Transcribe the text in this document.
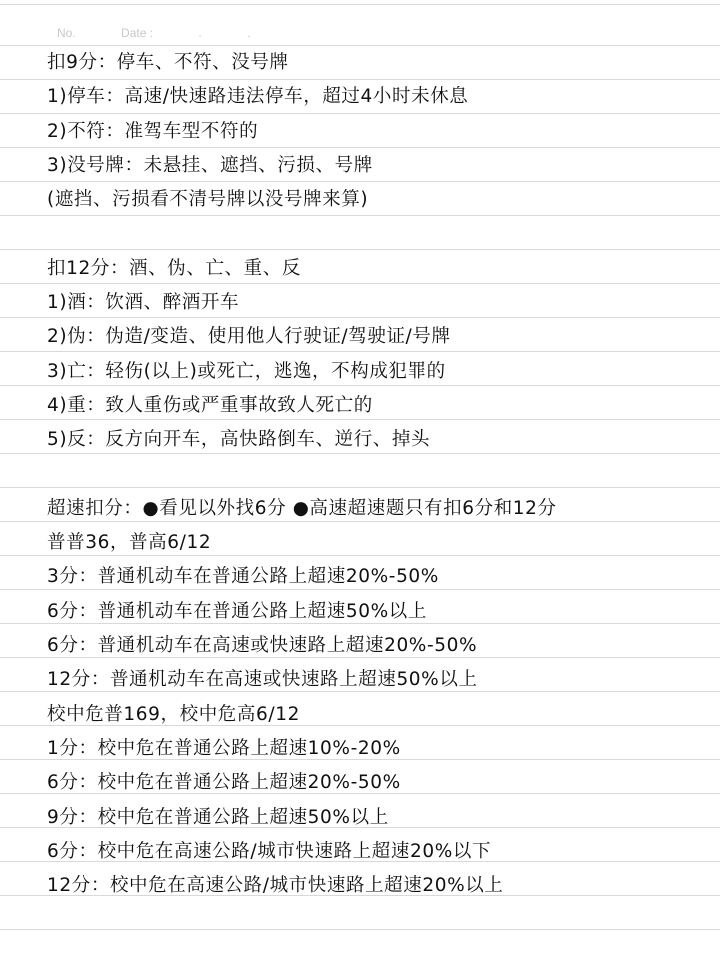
No.	Date :	.	.
扣9分：停车、不符、没号牌
1)停车：高速/快速路违法停车，超过4小时未休息
2)不符：准驾车型不符的
3)没号牌：未悬挂、遮挡、污损、号牌
(遮挡、污损看不清号牌以没号牌来算)
扣12分：酒、伪、亡、重、反
1)酒：饮酒、醉酒开车
2)伪：伪造/变造、使用他人行驶证/驾驶证/号牌
3)亡：轻伤(以上)或死亡，逃逸，不构成犯罪的
4)重：致人重伤或严重事故致人死亡的
5)反：反方向开车，高快路倒车、逆行、掉头
超速扣分：●看见以外找6分 ●高速超速题只有扣6分和12分
普普36，普高6/12
3分：普通机动车在普通公路上超速20%-50%
6分：普通机动车在普通公路上超速50%以上
6分：普通机动车在高速或快速路上超速20%-50%
12分：普通机动车在高速或快速路上超速50%以上
校中危普169，校中危高6/12
1分：校中危在普通公路上超速10%-20%
6分：校中危在普通公路上超速20%-50%
9分：校中危在普通公路上超速50%以上
6分：校中危在高速公路/城市快速路上超速20%以下
12分：校中危在高速公路/城市快速路上超速20%以上
